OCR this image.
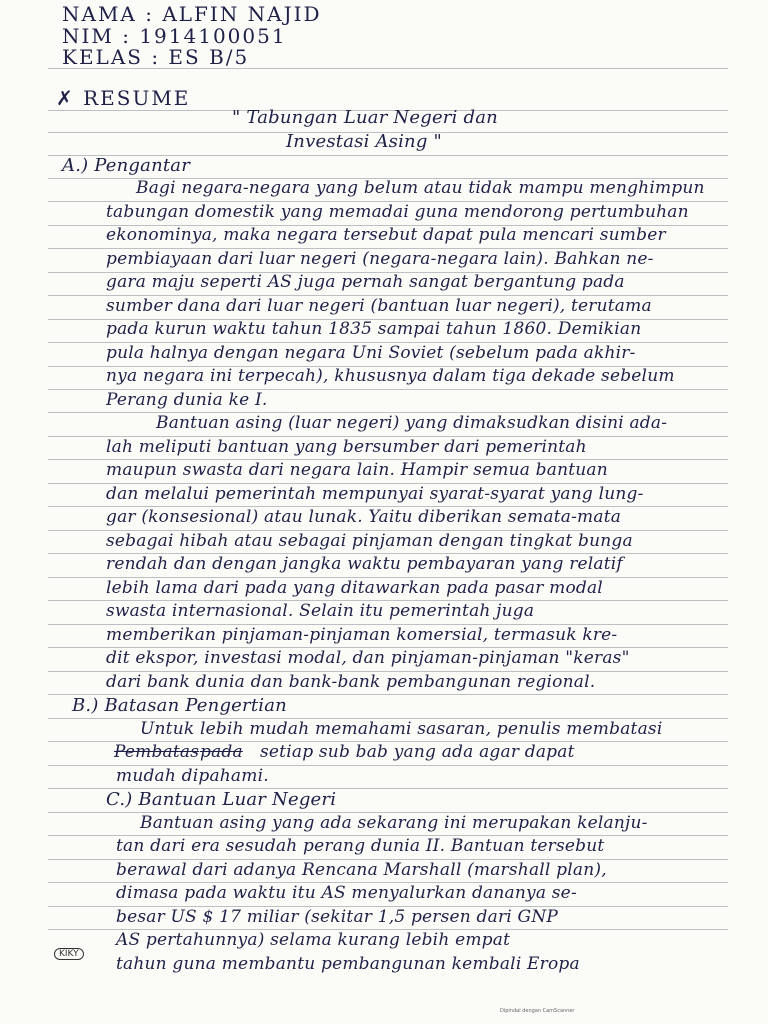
NAMA : ALFIN NAJID
NIM : 1914100051
KELAS : ES B/5
✗ RESUME
" Tabungan Luar Negeri dan
Investasi Asing "
A.) Pengantar
Bagi negara-negara yang belum atau tidak mampu menghimpun
tabungan domestik yang memadai guna mendorong pertumbuhan
ekonominya, maka negara tersebut dapat pula mencari sumber
pembiayaan dari luar negeri (negara-negara lain). Bahkan ne-
gara maju seperti AS juga pernah sangat bergantung pada
sumber dana dari luar negeri (bantuan luar negeri), terutama
pada kurun waktu tahun 1835 sampai tahun 1860. Demikian
pula halnya dengan negara Uni Soviet (sebelum pada akhir-
nya negara ini terpecah), khususnya dalam tiga dekade sebelum
Perang dunia ke I.
Bantuan asing (luar negeri) yang dimaksudkan disini ada-
lah meliputi bantuan yang bersumber dari pemerintah
maupun swasta dari negara lain. Hampir semua bantuan
dan melalui pemerintah mempunyai syarat-syarat yang lung-
gar (konsesional) atau lunak. Yaitu diberikan semata-mata
sebagai hibah atau sebagai pinjaman dengan tingkat bunga
rendah dan dengan jangka waktu pembayaran yang relatif
lebih lama dari pada yang ditawarkan pada pasar modal
swasta internasional. Selain itu pemerintah juga
memberikan pinjaman-pinjaman komersial, termasuk kre-
dit ekspor, investasi modal, dan pinjaman-pinjaman "keras"
dari bank dunia dan bank-bank pembangunan regional.
B.) Batasan Pengertian
Untuk lebih mudah memahami sasaran, penulis membatasi
Pembatas pada setiap sub bab yang ada agar dapat
mudah dipahami.
C.) Bantuan Luar Negeri
Bantuan asing yang ada sekarang ini merupakan kelanju-
tan dari era sesudah perang dunia II. Bantuan tersebut
berawal dari adanya Rencana Marshall (marshall plan),
dimasa pada waktu itu AS menyalurkan dananya se-
besar US $ 17 miliar (sekitar 1,5 persen dari GNP
AS pertahunnya) selama kurang lebih empat
tahun guna membantu pembangunan kembali Eropa
KIKY
Dipindai dengan CamScanner
